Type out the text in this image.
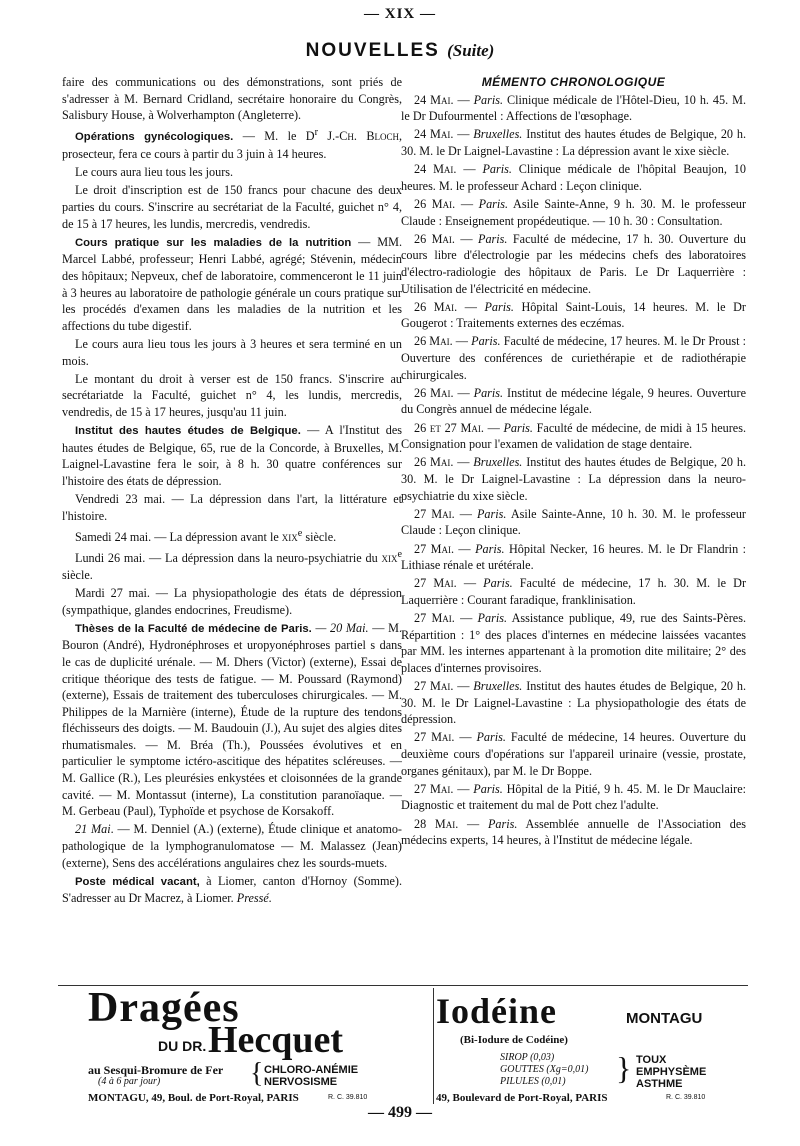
— XIX —
NOUVELLES (Suite)

faire des communications ou des démonstrations, sont priés de s'adresser à M. Bernard Cridland, secrétaire honoraire du Congrès, Salisbury House, à Wolverhampton (Angleterre).

Opérations gynécologiques. — M. le $D^r$ J.-Ch. Bloch, prosecteur, fera ce cours à partir du 3 juin à 14 heures.

Le cours aura lieu tous les jours.

Le droit d'inscription est de 150 francs pour chacune des deux parties du cours. S'inscrire au secrétariat de la Faculté, guichet n° 4, de 15 à 17 heures, les lundis, mercredis, vendredis.

Cours pratique sur les maladies de la nutrition — MM. Marcel Labbé, professeur; Henri Labbé, agrégé; Stévenin, médecin des hôpitaux; Nepveux, chef de laboratoire, commenceront le 11 juin à 3 heures au laboratoire de pathologie générale un cours pratique sur les procédés d'examen dans les maladies de la nutrition et les affections du tube digestif.

Le cours aura lieu tous les jours à 3 heures et sera terminé en un mois.

Le montant du droit à verser est de 150 francs. S'inscrire au secrétariatde la Faculté, guichet n° 4, les lundis, mercredis, vendredis, de 15 à 17 heures, jusqu'au 11 juin.

Institut des hautes études de Belgique. — A l'Institut des hautes études de Belgique, 65, rue de la Concorde, à Bruxelles, M. Laignel-Lavastine fera le soir, à 8 h. 30 quatre conférences sur l'histoire des états de dépression.

Vendredi 23 mai. — La dépression dans l'art, la littérature et l'histoire.

Samedi 24 mai. — La dépression avant le xix$^e$ siècle.

Lundi 26 mai. — La dépression dans la neuro-psychiatrie du xix$^e$ siècle.

Mardi 27 mai. — La physiopathologie des états de dépression (sympathique, glandes endocrines, Freudisme).

Thèses de la Faculté de médecine de Paris. — 20 Mai. — M. Bouron (André), Hydronéphroses et uropyonéphroses partiel s dans le cas de duplicité urénale. — M. Dhers (Victor) (externe), Essai de critique théorique des tests de fatigue. — M. Poussard (Raymond) (externe), Essais de traitement des tuberculoses chirurgicales. — M. Philippes de la Marnière (interne), Étude de la rupture des tendons fléchisseurs des doigts. — M. Baudouin (J.), Au sujet des algies dites rhumatismales. — M. Bréa (Th.), Poussées évolutives et en particulier le symptome ictéro-ascitique des hépatites scléreuses. — M. Gallice (R.), Les pleurésies enkystées et cloisonnées de la grande cavité. — M. Montassut (interne), La constitution paranoïaque. — M. Gerbeau (Paul), Typhoïde et psychose de Korsakoff.

21 Mai. — M. Denniel (A.) (externe), Étude clinique et anatomo-pathologique de la lymphogranulomatose — M. Malassez (Jean) (externe), Sens des accélérations angulaires chez les sourds-muets.

Poste médical vacant, à Liomer, canton d'Hornoy (Somme). S'adresser au Dr Macrez, à Liomer. Pressé.

MÉMENTO CHRONOLOGIQUE

24 Mai. — Paris. Clinique médicale de l'Hôtel-Dieu, 10 h. 45. M. le Dr Dufourmentel : Affections de l'œsophage.

24 Mai. — Bruxelles. Institut des hautes études de Belgique, 20 h. 30. M. le Dr Laignel-Lavastine : La dépression avant le xixe siècle.

24 Mai. — Paris. Clinique médicale de l'hôpital Beaujon, 10 heures. M. le professeur Achard : Leçon clinique.

26 Mai. — Paris. Asile Sainte-Anne, 9 h. 30. M. le professeur Claude : Enseignement propédeutique. — 10 h. 30 : Consultation.

26 Mai. — Paris. Faculté de médecine, 17 h. 30. Ouverture du cours libre d'électrologie par les médecins chefs des laboratoires d'électro-radiologie des hôpitaux de Paris. Le Dr Laquerrière : Utilisation de l'électricité en médecine.

26 Mai. — Paris. Hôpital Saint-Louis, 14 heures. M. le Dr Gougerot : Traitements externes des eczémas.

26 Mai. — Paris. Faculté de médecine, 17 heures. M. le Dr Proust : Ouverture des conférences de curiethérapie et de radiothérapie chirurgicales.

26 Mai. — Paris. Institut de médecine légale, 9 heures. Ouverture du Congrès annuel de médecine légale.

26 et 27 Mai. — Paris. Faculté de médecine, de midi à 15 heures. Consignation pour l'examen de validation de stage dentaire.

26 Mai. — Bruxelles. Institut des hautes études de Belgique, 20 h. 30. M. le Dr Laignel-Lavastine : La dépression dans la neuro-psychiatrie du xixe siècle.

27 Mai. — Paris. Asile Sainte-Anne, 10 h. 30. M. le professeur Claude : Leçon clinique.

27 Mai. — Paris. Hôpital Necker, 16 heures. M. le Dr Flandrin : Lithiase rénale et urétérale.

27 Mai. — Paris. Faculté de médecine, 17 h. 30. M. le Dr Laquerrière : Courant faradique, franklinisation.

27 Mai. — Paris. Assistance publique, 49, rue des Saints-Pères. Répartition : 1° des places d'internes en médecine laissées vacantes par MM. les internes appartenant à la promotion dite militaire; 2° des places d'internes provisoires.

27 Mai. — Bruxelles. Institut des hautes études de Belgique, 20 h. 30. M. le Dr Laignel-Lavastine : La physiopathologie des états de dépression.

27 Mai. — Paris. Faculté de médecine, 14 heures. Ouverture du deuxième cours d'opérations sur l'appareil urinaire (vessie, prostate, organes génitaux), par M. le Dr Boppe.

27 Mai. — Paris. Hôpital de la Pitié, 9 h. 45. M. le Dr Mauclaire: Diagnostic et traitement du mal de Pott chez l'adulte.

28 Mai. — Paris. Assemblée annuelle de l'Association des médecins experts, 14 heures, à l'Institut de médecine légale.

Dragées
DU DR. Hecquet
au Sesqui-Bromure de Fer
(4 à 6 par jour)	{ CHLORO-ANÉMIE
NERVOSISME
MONTAGU, 49, Boul. de Port-Royal, PARIS	R. C. 39.810
Iodéine	MONTAGU
(Bi-Iodure de Codéine)
SIROP (0,03)
GOUTTES (Xg=0,01)
PILULES (0,01) } TOUX
EMPHYSÈME
ASTHME
49, Boulevard de Port-Royal, PARIS	R. C. 39.810
— 499 —
